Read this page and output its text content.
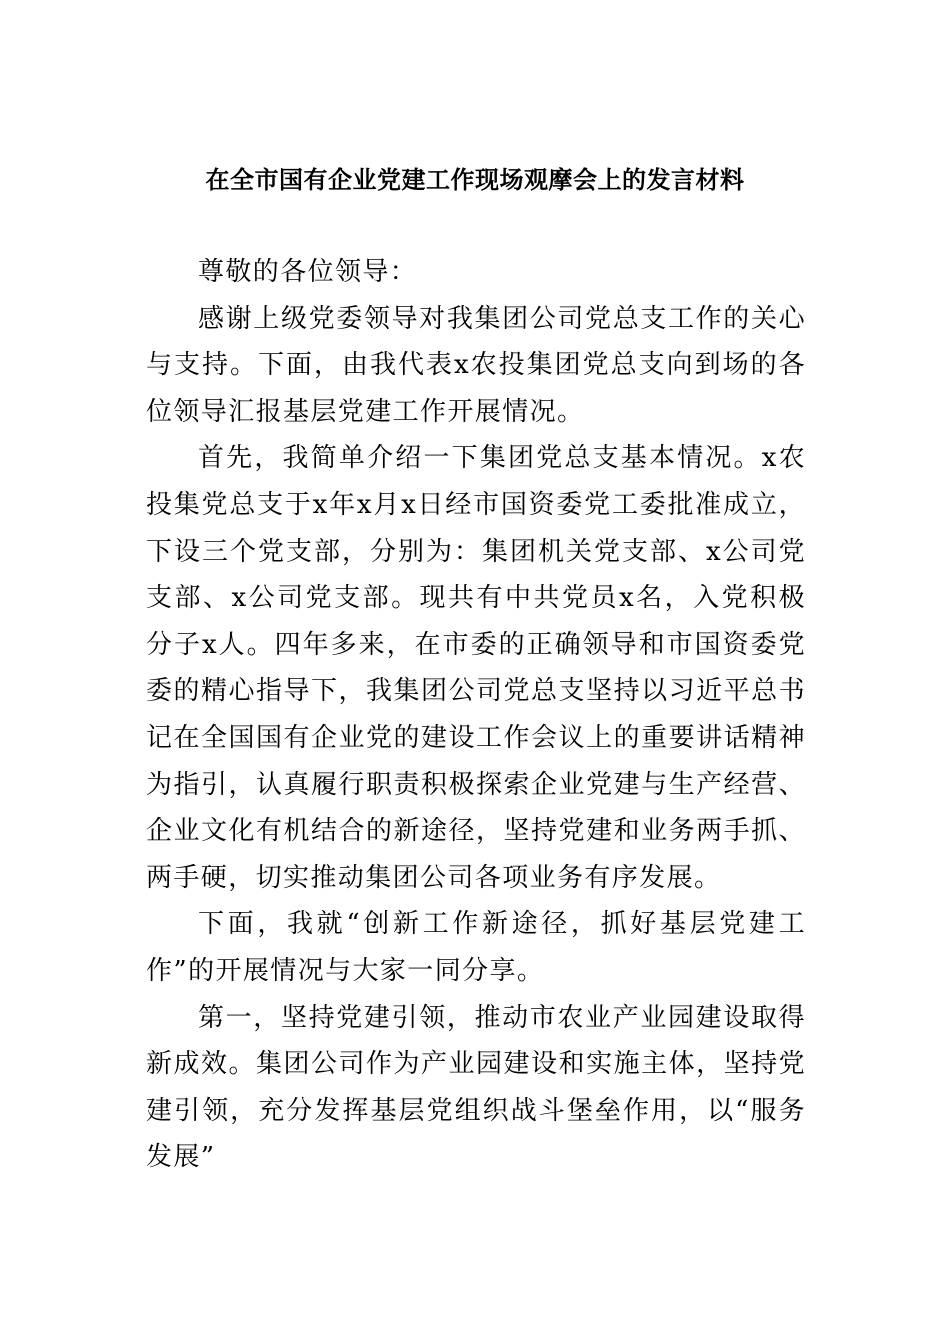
在全市国有企业党建工作现场观摩会上的发言材料

尊敬的各位领导：

感谢上级党委领导对我集团公司党总支工作的关心与支持。下面，由我代表x农投集团党总支向到场的各位领导汇报基层党建工作开展情况。

首先，我简单介绍一下集团党总支基本情况。x农投集党总支于x年x月x日经市国资委党工委批准成立，下设三个党支部，分别为：集团机关党支部、x公司党支部、x公司党支部。现共有中共党员x名，入党积极分子x人。四年多来，在市委的正确领导和市国资委党委的精心指导下，我集团公司党总支坚持以习近平总书记在全国国有企业党的建设工作会议上的重要讲话精神为指引，认真履行职责积极探索企业党建与生产经营、企业文化有机结合的新途径，坚持党建和业务两手抓、两手硬，切实推动集团公司各项业务有序发展。

下面，我就“创新工作新途径，抓好基层党建工作”的开展情况与大家一同分享。

第一，坚持党建引领，推动市农业产业园建设取得新成效。集团公司作为产业园建设和实施主体，坚持党建引领，充分发挥基层党组织战斗堡垒作用，以“服务发展”
